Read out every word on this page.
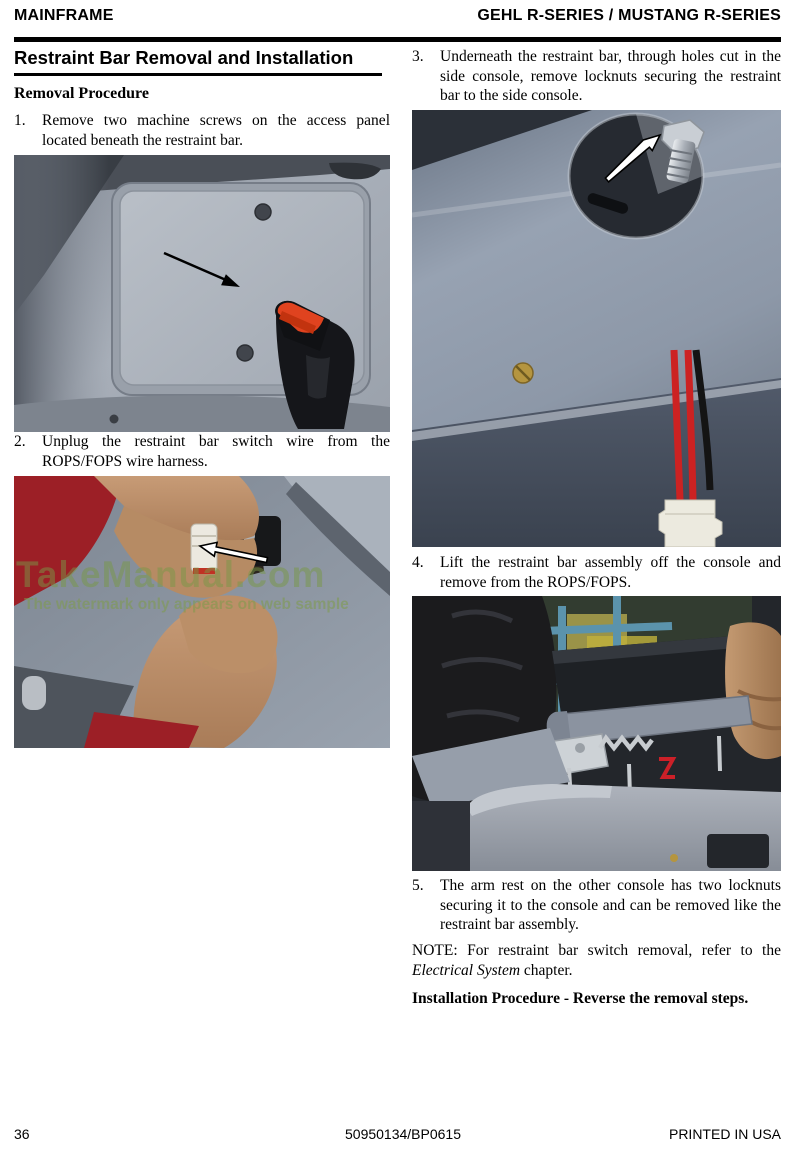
MAINFRAME	GEHL R-SERIES / MUSTANG R-SERIES
Restraint Bar Removal and Installation
Removal Procedure
1.	Remove two machine screws on the access panel located beneath the restraint bar.
2.	Unplug the restraint bar switch wire from the ROPS/FOPS wire harness.
TakeManual.com
The watermark only appears on web sample
3.	Underneath the restraint bar, through holes cut in the side console, remove locknuts securing the restraint bar to the side console.
4.	Lift the restraint bar assembly off the console and remove from the ROPS/FOPS.
5.	The arm rest on the other console has two locknuts securing it to the console and can be removed like the restraint bar assembly.
NOTE: For restraint bar switch removal, refer to the Electrical System chapter.
Installation Procedure - Reverse the removal steps.
36	50950134/BP0615	PRINTED IN USA
